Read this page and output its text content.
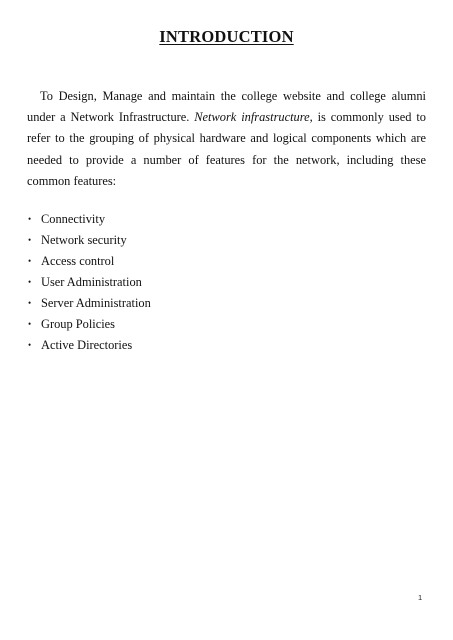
INTRODUCTION

To Design, Manage and maintain the college website and college alumni under a Network Infrastructure. Network infrastructure, is commonly used to refer to the grouping of physical hardware and logical components which are needed to provide a number of features for the network, including these common features:

• Connectivity
• Network security
• Access control
• User Administration
• Server Administration
• Group Policies
• Active Directories
1
